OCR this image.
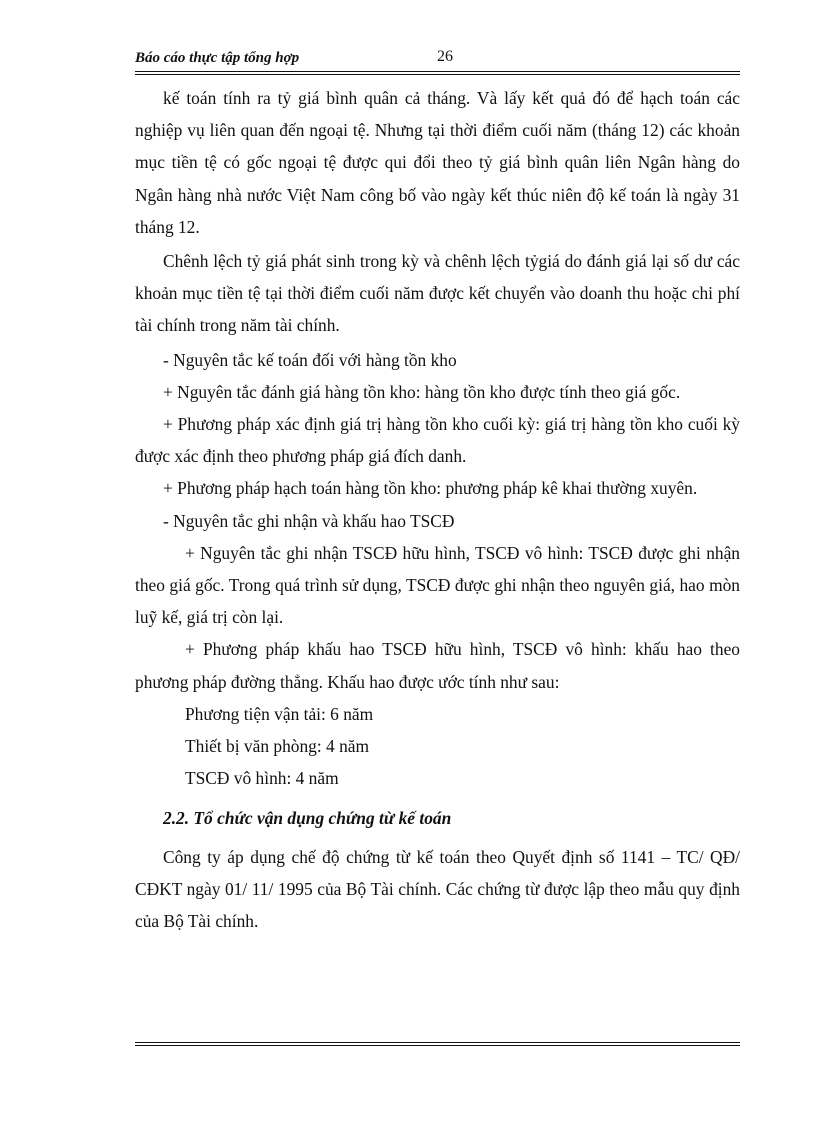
Báo cáo thực tập tổng hợp	26

kế toán tính ra tỷ giá bình quân cả tháng. Và lấy kết quả đó để hạch toán các nghiệp vụ liên quan đến ngoại tệ. Nhưng tại thời điểm cuối năm (tháng 12) các khoản mục tiền tệ có gốc ngoại tệ được qui đổi theo tỷ giá bình quân liên Ngân hàng do Ngân hàng nhà nước Việt Nam công bố vào ngày kết thúc niên độ kế toán là ngày 31 tháng 12.

Chênh lệch tỷ giá phát sinh trong kỳ và chênh lệch tỷgiá do đánh giá lại số dư các khoản mục tiền tệ tại thời điểm cuối năm được kết chuyển vào doanh thu hoặc chi phí tài chính trong năm tài chính.

- Nguyên tắc kế toán đối với hàng tồn kho

+ Nguyên tắc đánh giá hàng tồn kho: hàng tồn kho được tính theo giá gốc.

+ Phương pháp xác định giá trị hàng tồn kho cuối kỳ: giá trị hàng tồn kho cuối kỳ được xác định theo phương pháp giá đích danh.

+ Phương pháp hạch toán hàng tồn kho: phương pháp kê khai thường xuyên.

- Nguyên tắc ghi nhận và khấu hao TSCĐ

+ Nguyên tắc ghi nhận TSCĐ hữu hình, TSCĐ vô hình: TSCĐ được ghi nhận theo giá gốc. Trong quá trình sử dụng, TSCĐ được ghi nhận theo nguyên giá, hao mòn luỹ kế, giá trị còn lại.

+ Phương pháp khấu hao TSCĐ hữu hình, TSCĐ vô hình: khấu hao theo phương pháp đường thẳng. Khấu hao được ước tính như sau:

Phương tiện vận tải: 6 năm

Thiết bị văn phòng: 4 năm

TSCĐ vô hình: 4 năm

2.2. Tổ chức vận dụng chứng từ kế toán

Công ty áp dụng chế độ chứng từ kế toán theo Quyết định số 1141 – TC/ QĐ/ CĐKT ngày 01/ 11/ 1995 của Bộ Tài chính. Các chứng từ được lập theo mẫu quy định của Bộ Tài chính.
